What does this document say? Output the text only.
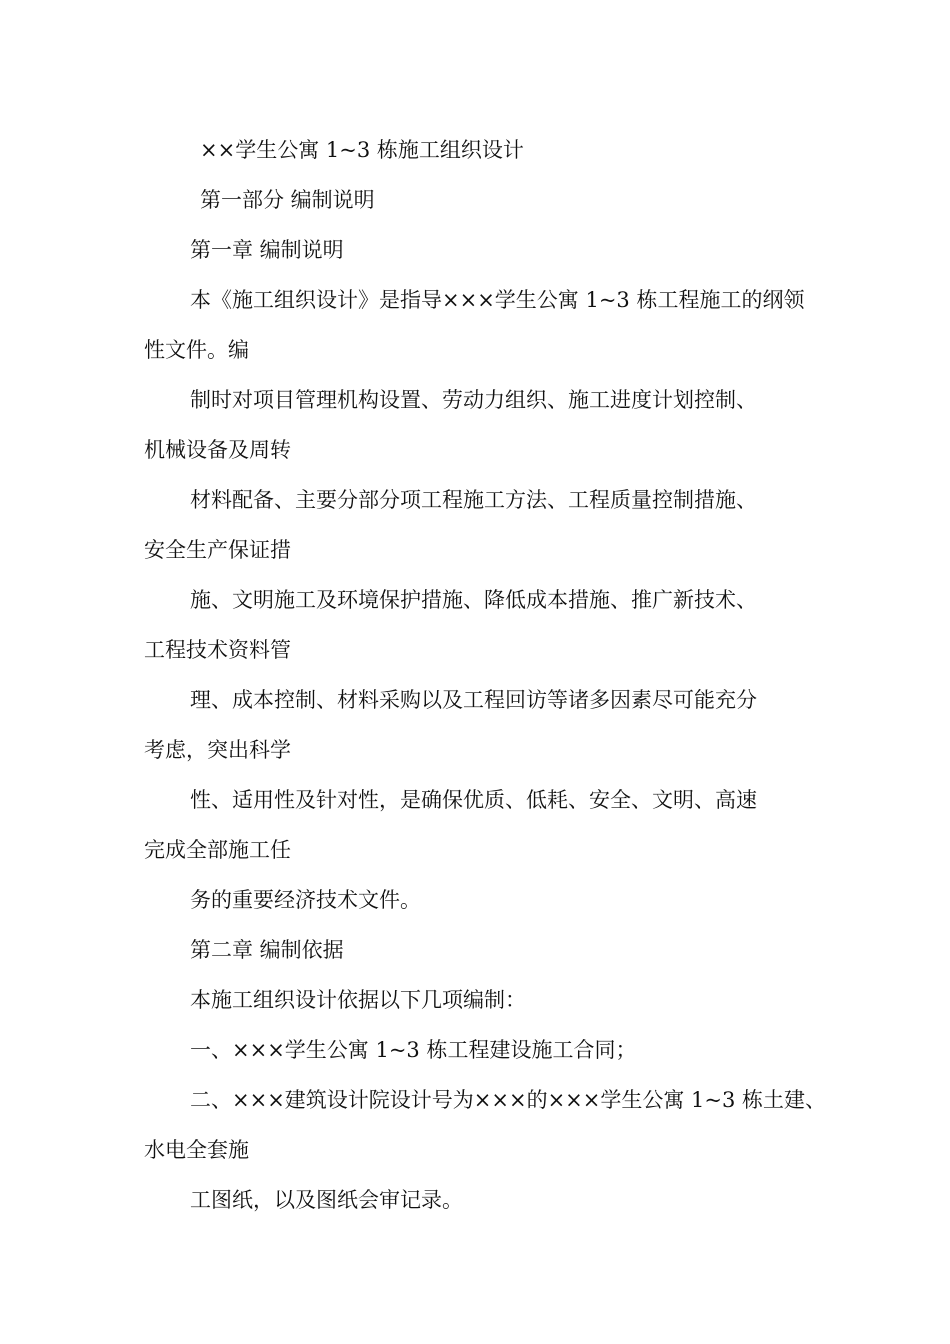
××学生公寓 1~3 栋施工组织设计

第一部分 编制说明

第一章 编制说明

本《施工组织设计》是指导×××学生公寓 1~3 栋工程施工的纲领

性文件。编

制时对项目管理机构设置、劳动力组织、施工进度计划控制、

机械设备及周转

材料配备、主要分部分项工程施工方法、工程质量控制措施、

安全生产保证措

施、文明施工及环境保护措施、降低成本措施、推广新技术、

工程技术资料管

理、成本控制、材料采购以及工程回访等诸多因素尽可能充分

考虑，突出科学

性、适用性及针对性，是确保优质、低耗、安全、文明、高速

完成全部施工任

务的重要经济技术文件。

第二章 编制依据

本施工组织设计依据以下几项编制：

一、×××学生公寓 1~3 栋工程建设施工合同；

二、×××建筑设计院设计号为×××的×××学生公寓 1~3 栋土建、

水电全套施

工图纸，以及图纸会审记录。
